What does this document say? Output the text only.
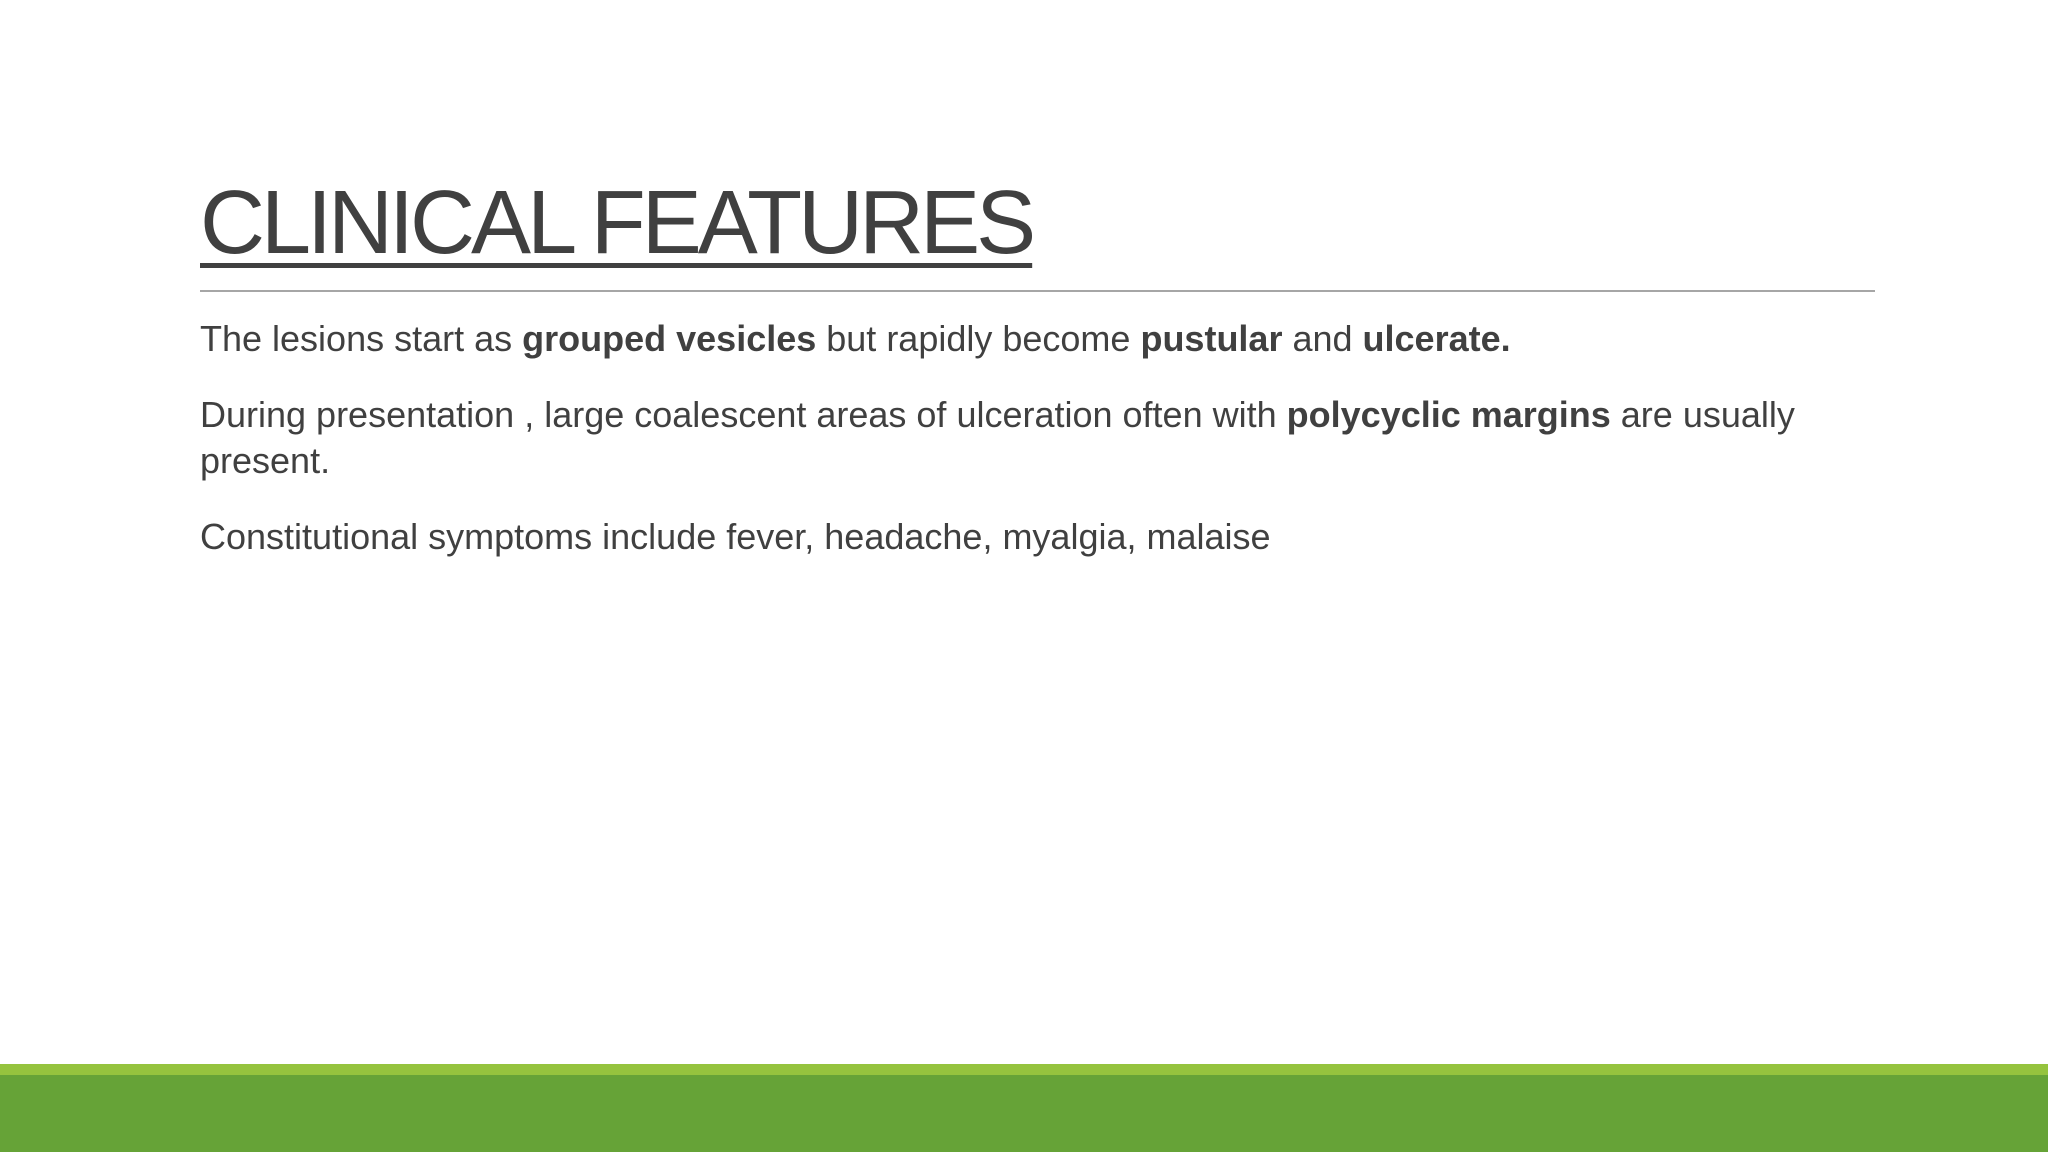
CLINICAL FEATURES

The lesions start as grouped vesicles but rapidly become pustular and ulcerate.

During presentation , large coalescent areas of ulceration often with polycyclic margins are usually present.

Constitutional symptoms include fever, headache, myalgia, malaise
